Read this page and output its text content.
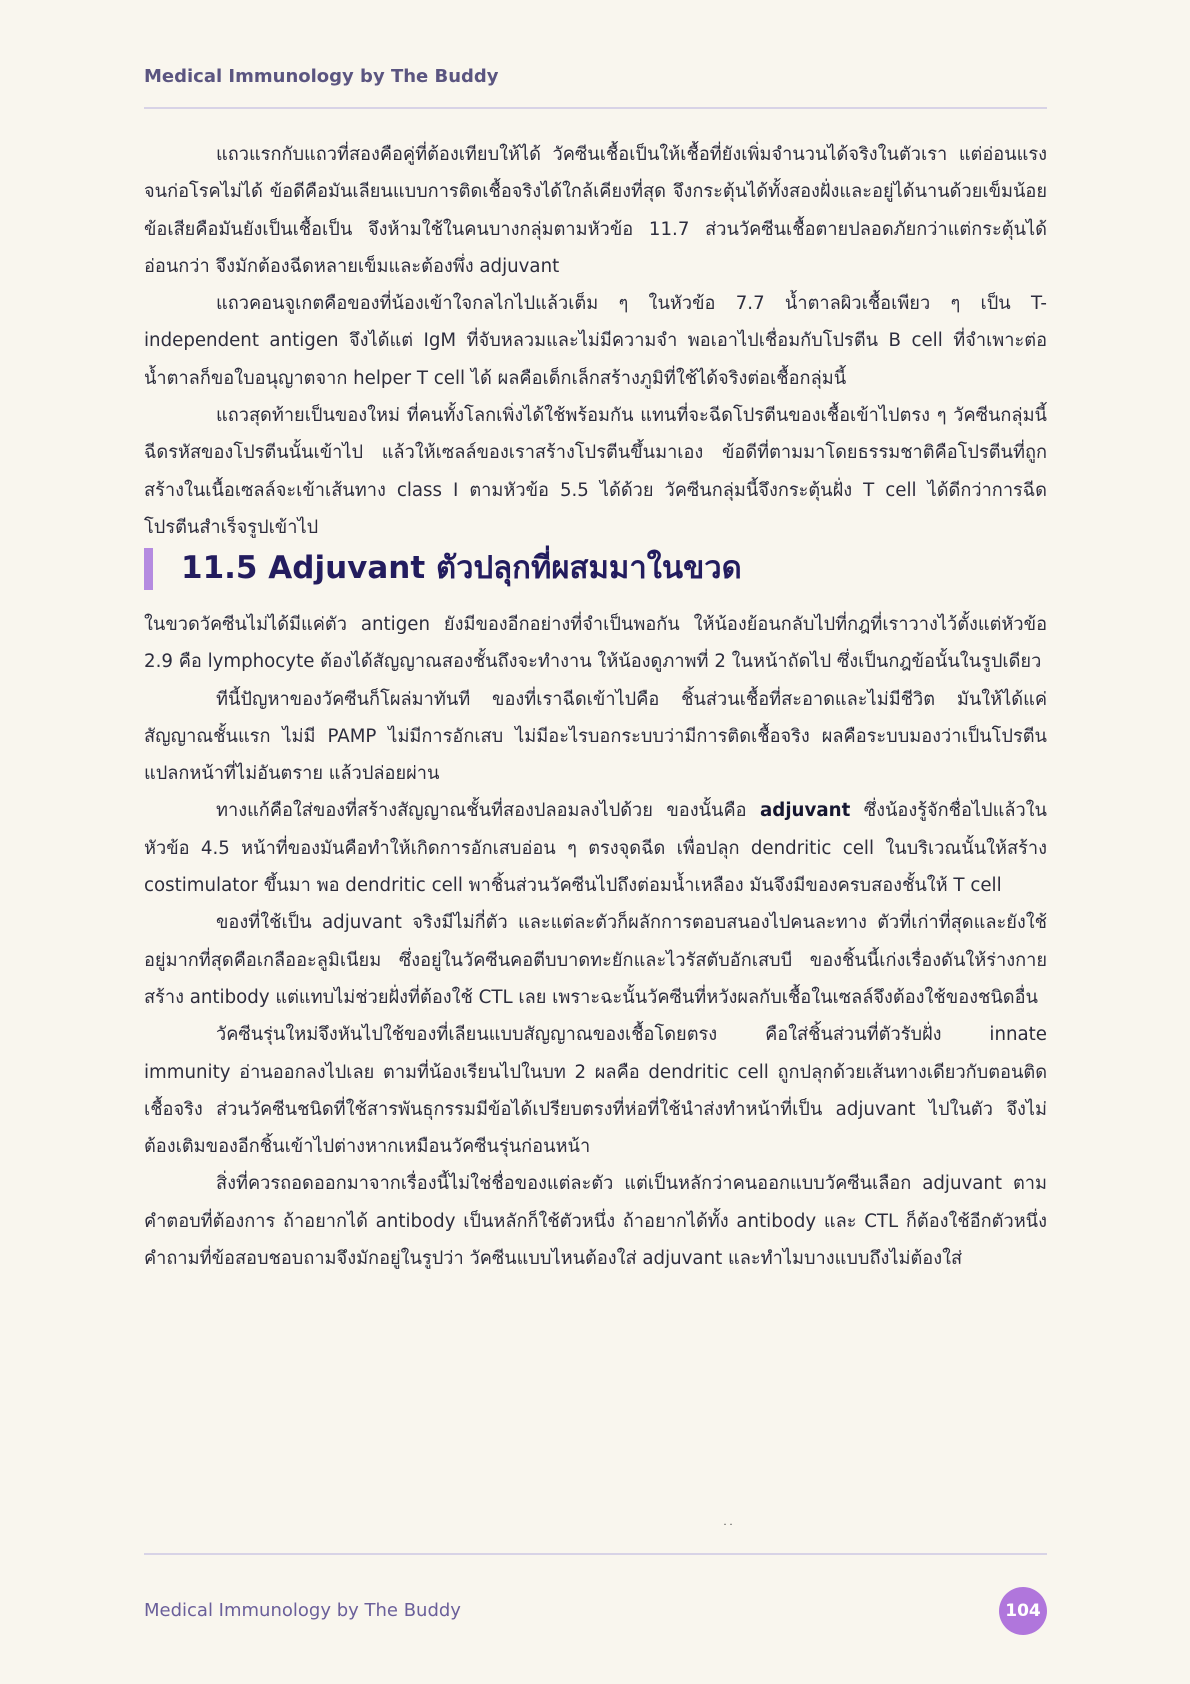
Medical Immunology by The Buddy

แถวแรกกับแถวที่สองคือคู่ที่ต้องเทียบให้ได้ วัคซีนเชื้อเป็นให้เชื้อที่ยังเพิ่มจำนวนได้จริงในตัวเรา แต่อ่อนแรงจนก่อโรคไม่ได้ ข้อดีคือมันเลียนแบบการติดเชื้อจริงได้ใกล้เคียงที่สุด จึงกระตุ้นได้ทั้งสองฝั่งและอยู่ได้นานด้วยเข็มน้อย ข้อเสียคือมันยังเป็นเชื้อเป็น จึงห้ามใช้ในคนบางกลุ่มตามหัวข้อ 11.7 ส่วนวัคซีนเชื้อตายปลอดภัยกว่าแต่กระตุ้นได้อ่อนกว่า จึงมักต้องฉีดหลายเข็มและต้องพึ่ง adjuvant

แถวคอนจูเกตคือของที่น้องเข้าใจกลไกไปแล้วเต็ม ๆ ในหัวข้อ 7.7 น้ำตาลผิวเชื้อเพียว ๆ เป็น T-independent antigen จึงได้แต่ IgM ที่จับหลวมและไม่มีความจำ พอเอาไปเชื่อมกับโปรตีน B cell ที่จำเพาะต่อน้ำตาลก็ขอใบอนุญาตจาก helper T cell ได้ ผลคือเด็กเล็กสร้างภูมิที่ใช้ได้จริงต่อเชื้อกลุ่มนี้

แถวสุดท้ายเป็นของใหม่ ที่คนทั้งโลกเพิ่งได้ใช้พร้อมกัน แทนที่จะฉีดโปรตีนของเชื้อเข้าไปตรง ๆ วัคซีนกลุ่มนี้ฉีดรหัสของโปรตีนนั้นเข้าไป แล้วให้เซลล์ของเราสร้างโปรตีนขึ้นมาเอง ข้อดีที่ตามมาโดยธรรมชาติคือโปรตีนที่ถูกสร้างในเนื้อเซลล์จะเข้าเส้นทาง class I ตามหัวข้อ 5.5 ได้ด้วย วัคซีนกลุ่มนี้จึงกระตุ้นฝั่ง T cell ได้ดีกว่าการฉีดโปรตีนสำเร็จรูปเข้าไป

11.5 Adjuvant ตัวปลุกที่ผสมมาในขวด

ในขวดวัคซีนไม่ได้มีแค่ตัว antigen ยังมีของอีกอย่างที่จำเป็นพอกัน ให้น้องย้อนกลับไปที่กฎที่เราวางไว้ตั้งแต่หัวข้อ 2.9 คือ lymphocyte ต้องได้สัญญาณสองชั้นถึงจะทำงาน ให้น้องดูภาพที่ 2 ในหน้าถัดไป ซึ่งเป็นกฎข้อนั้นในรูปเดียว

ทีนี้ปัญหาของวัคซีนก็โผล่มาทันที ของที่เราฉีดเข้าไปคือ ชิ้นส่วนเชื้อที่สะอาดและไม่มีชีวิต มันให้ได้แค่สัญญาณชั้นแรก ไม่มี PAMP ไม่มีการอักเสบ ไม่มีอะไรบอกระบบว่ามีการติดเชื้อจริง ผลคือระบบมองว่าเป็นโปรตีนแปลกหน้าที่ไม่อันตราย แล้วปล่อยผ่าน

ทางแก้คือใส่ของที่สร้างสัญญาณชั้นที่สองปลอมลงไปด้วย ของนั้นคือ adjuvant ซึ่งน้องรู้จักชื่อไปแล้วในหัวข้อ 4.5 หน้าที่ของมันคือทำให้เกิดการอักเสบอ่อน ๆ ตรงจุดฉีด เพื่อปลุก dendritic cell ในบริเวณนั้นให้สร้าง costimulator ขึ้นมา พอ dendritic cell พาชิ้นส่วนวัคซีนไปถึงต่อมน้ำเหลือง มันจึงมีของครบสองชั้นให้ T cell

ของที่ใช้เป็น adjuvant จริงมีไม่กี่ตัว และแต่ละตัวก็ผลักการตอบสนองไปคนละทาง ตัวที่เก่าที่สุดและยังใช้อยู่มากที่สุดคือเกลืออะลูมิเนียม ซึ่งอยู่ในวัคซีนคอตีบบาดทะยักและไวรัสตับอักเสบบี ของชิ้นนี้เก่งเรื่องดันให้ร่างกายสร้าง antibody แต่แทบไม่ช่วยฝั่งที่ต้องใช้ CTL เลย เพราะฉะนั้นวัคซีนที่หวังผลกับเชื้อในเซลล์จึงต้องใช้ของชนิดอื่น

วัคซีนรุ่นใหม่จึงหันไปใช้ของที่เลียนแบบสัญญาณของเชื้อโดยตรง คือใส่ชิ้นส่วนที่ตัวรับฝั่ง innate immunity อ่านออกลงไปเลย ตามที่น้องเรียนไปในบท 2 ผลคือ dendritic cell ถูกปลุกด้วยเส้นทางเดียวกับตอนติดเชื้อจริง ส่วนวัคซีนชนิดที่ใช้สารพันธุกรรมมีข้อได้เปรียบตรงที่ห่อที่ใช้นำส่งทำหน้าที่เป็น adjuvant ไปในตัว จึงไม่ต้องเติมของอีกชิ้นเข้าไปต่างหากเหมือนวัคซีนรุ่นก่อนหน้า

สิ่งที่ควรถอดออกมาจากเรื่องนี้ไม่ใช่ชื่อของแต่ละตัว แต่เป็นหลักว่าคนออกแบบวัคซีนเลือก adjuvant ตามคำตอบที่ต้องการ ถ้าอยากได้ antibody เป็นหลักก็ใช้ตัวหนึ่ง ถ้าอยากได้ทั้ง antibody และ CTL ก็ต้องใช้อีกตัวหนึ่ง คำถามที่ข้อสอบชอบถามจึงมักอยู่ในรูปว่า วัคซีนแบบไหนต้องใส่ adjuvant และทำไมบางแบบถึงไม่ต้องใส่

˙˙
Medical Immunology by The Buddy	104
